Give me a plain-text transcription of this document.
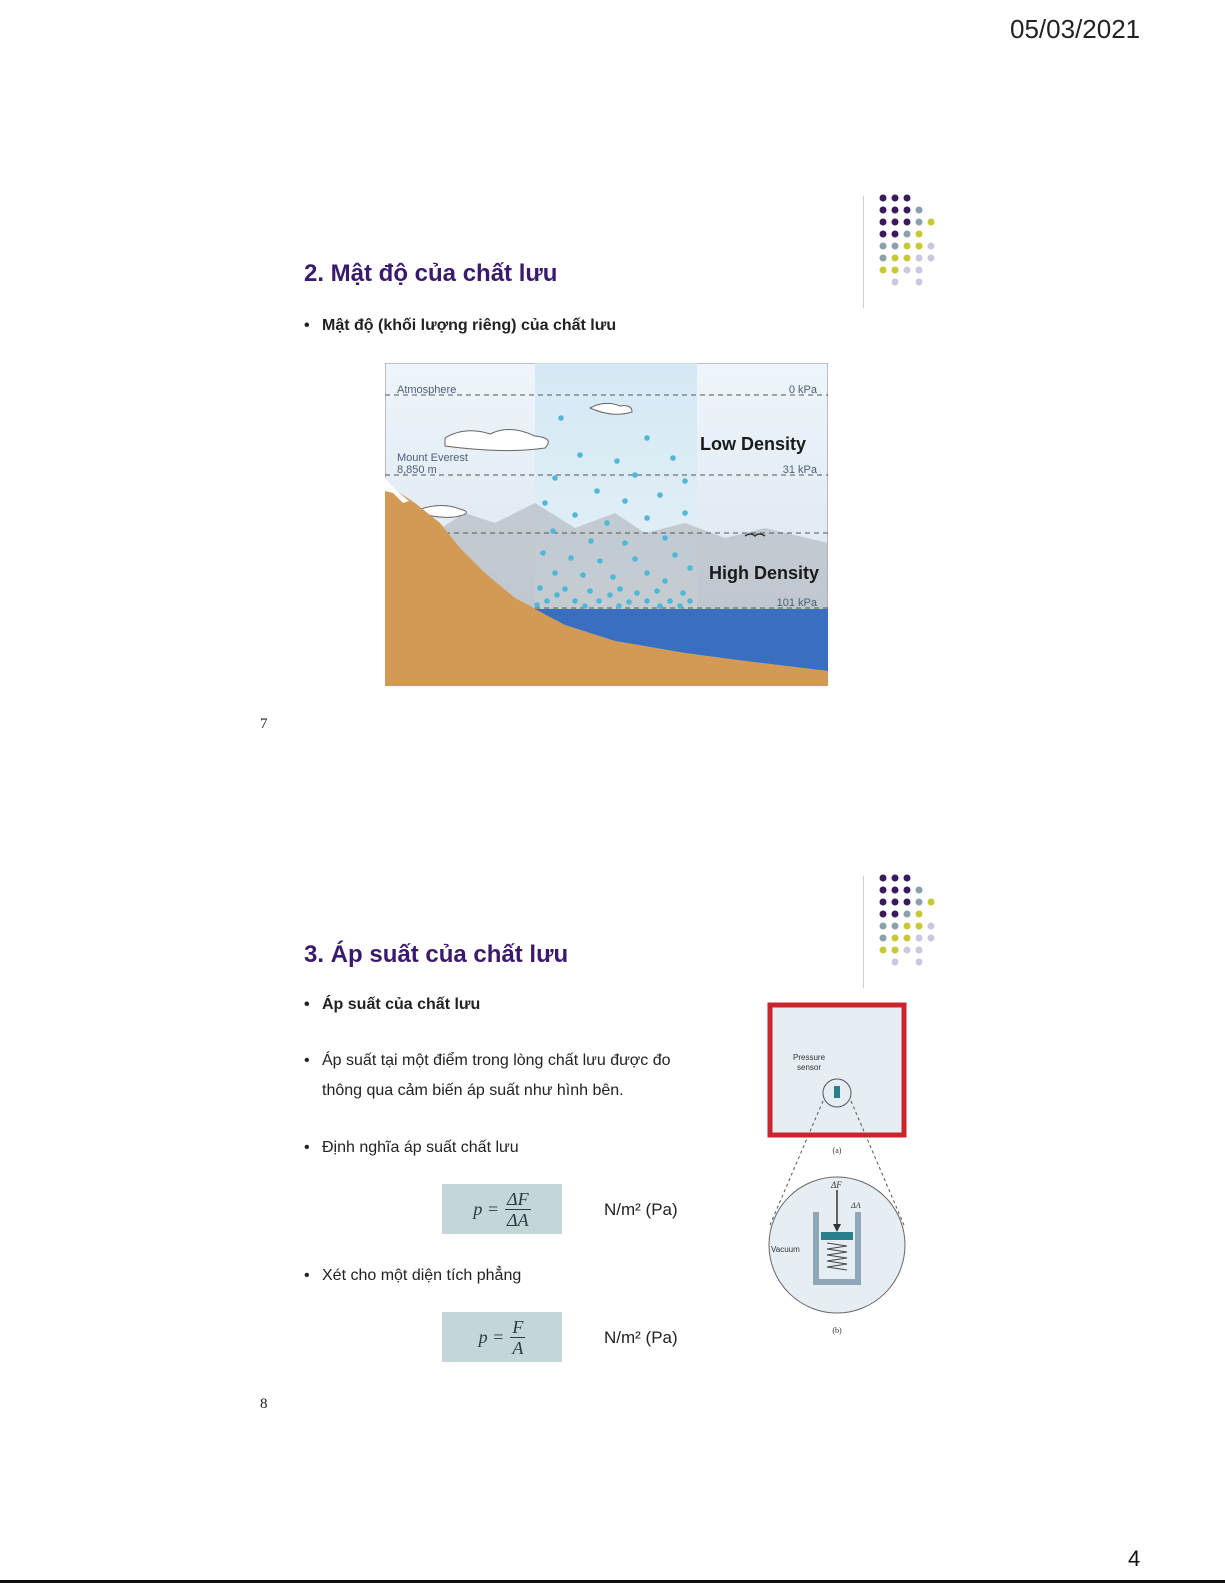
05/03/2021
4
2. Mật độ của chất lưu
• Mật độ (khối lượng riêng) của chất lưu
Atmosphere
Mount Everest
8,850 m
0 kPa
31 kPa
101 kPa
Low Density
High Density
7
3. Áp suất của chất lưu
• Áp suất của chất lưu
• Áp suất tại một điểm trong lòng chất lưu được đo
thông qua cảm biến áp suất như hình bên.
• Định nghĩa áp suất chất lưu
$p = \frac{\Delta F}{\Delta A}$	N/m² (Pa)
• Xét cho một diện tích phẳng
$p = \frac{F}{A}$	N/m² (Pa)
Pressure
sensor
(a)
ΔF
ΔA
Vacuum
(b)
8
